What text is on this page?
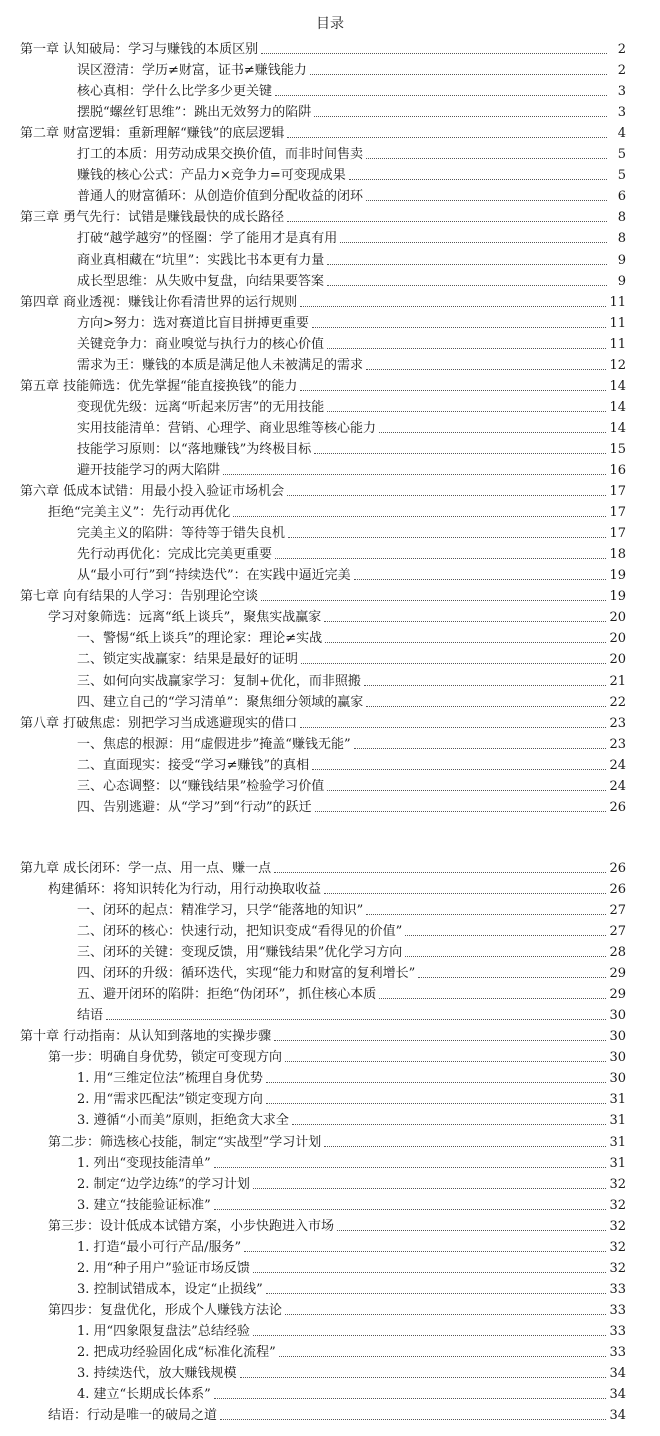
目录
第一章 认知破局：学习与赚钱的本质区别	2
误区澄清：学历≠财富，证书≠赚钱能力	2
核心真相：学什么比学多少更关键	3
摆脱“螺丝钉思维”：跳出无效努力的陷阱	3
第二章 财富逻辑：重新理解“赚钱”的底层逻辑	4
打工的本质：用劳动成果交换价值，而非时间售卖	5
赚钱的核心公式：产品力×竞争力=可变现成果	5
普通人的财富循环：从创造价值到分配收益的闭环	6
第三章 勇气先行：试错是赚钱最快的成长路径	8
打破“越学越穷”的怪圈：学了能用才是真有用	8
商业真相藏在“坑里”：实践比书本更有力量	9
成长型思维：从失败中复盘，向结果要答案	9
第四章 商业透视：赚钱让你看清世界的运行规则	11
方向>努力：选对赛道比盲目拼搏更重要	11
关键竞争力：商业嗅觉与执行力的核心价值	11
需求为王：赚钱的本质是满足他人未被满足的需求	12
第五章 技能筛选：优先掌握“能直接换钱”的能力	14
变现优先级：远离“听起来厉害”的无用技能	14
实用技能清单：营销、心理学、商业思维等核心能力	14
技能学习原则：以“落地赚钱”为终极目标	15
避开技能学习的两大陷阱	16
第六章 低成本试错：用最小投入验证市场机会	17
拒绝“完美主义”：先行动再优化	17
完美主义的陷阱：等待等于错失良机	17
先行动再优化：完成比完美更重要	18
从“最小可行”到“持续迭代”：在实践中逼近完美	19
第七章 向有结果的人学习：告别理论空谈	19
学习对象筛选：远离“纸上谈兵”，聚焦实战赢家	20
一、警惕“纸上谈兵”的理论家：理论≠实战	20
二、锁定实战赢家：结果是最好的证明	20
三、如何向实战赢家学习：复制+优化，而非照搬	21
四、建立自己的“学习清单”：聚焦细分领域的赢家	22
第八章 打破焦虑：别把学习当成逃避现实的借口	23
一、焦虑的根源：用“虚假进步”掩盖“赚钱无能”	23
二、直面现实：接受“学习≠赚钱”的真相	24
三、心态调整：以“赚钱结果”检验学习价值	24
四、告别逃避：从“学习”到“行动”的跃迁	26
第九章 成长闭环：学一点、用一点、赚一点	26
构建循环：将知识转化为行动，用行动换取收益	26
一、闭环的起点：精准学习，只学“能落地的知识”	27
二、闭环的核心：快速行动，把知识变成“看得见的价值”	27
三、闭环的关键：变现反馈，用“赚钱结果”优化学习方向	28
四、闭环的升级：循环迭代，实现“能力和财富的复利增长”	29
五、避开闭环的陷阱：拒绝“伪闭环”，抓住核心本质	29
结语	30
第十章 行动指南：从认知到落地的实操步骤	30
第一步：明确自身优势，锁定可变现方向	30
1. 用“三维定位法”梳理自身优势	30
2. 用“需求匹配法”锁定变现方向	31
3. 遵循“小而美”原则，拒绝贪大求全	31
第二步：筛选核心技能，制定“实战型”学习计划	31
1. 列出“变现技能清单”	31
2. 制定“边学边练”的学习计划	32
3. 建立“技能验证标准”	32
第三步：设计低成本试错方案，小步快跑进入市场	32
1. 打造“最小可行产品/服务”	32
2. 用“种子用户”验证市场反馈	32
3. 控制试错成本，设定“止损线”	33
第四步：复盘优化，形成个人赚钱方法论	33
1. 用“四象限复盘法”总结经验	33
2. 把成功经验固化成“标准化流程”	33
3. 持续迭代，放大赚钱规模	34
4. 建立“长期成长体系”	34
结语：行动是唯一的破局之道	34
